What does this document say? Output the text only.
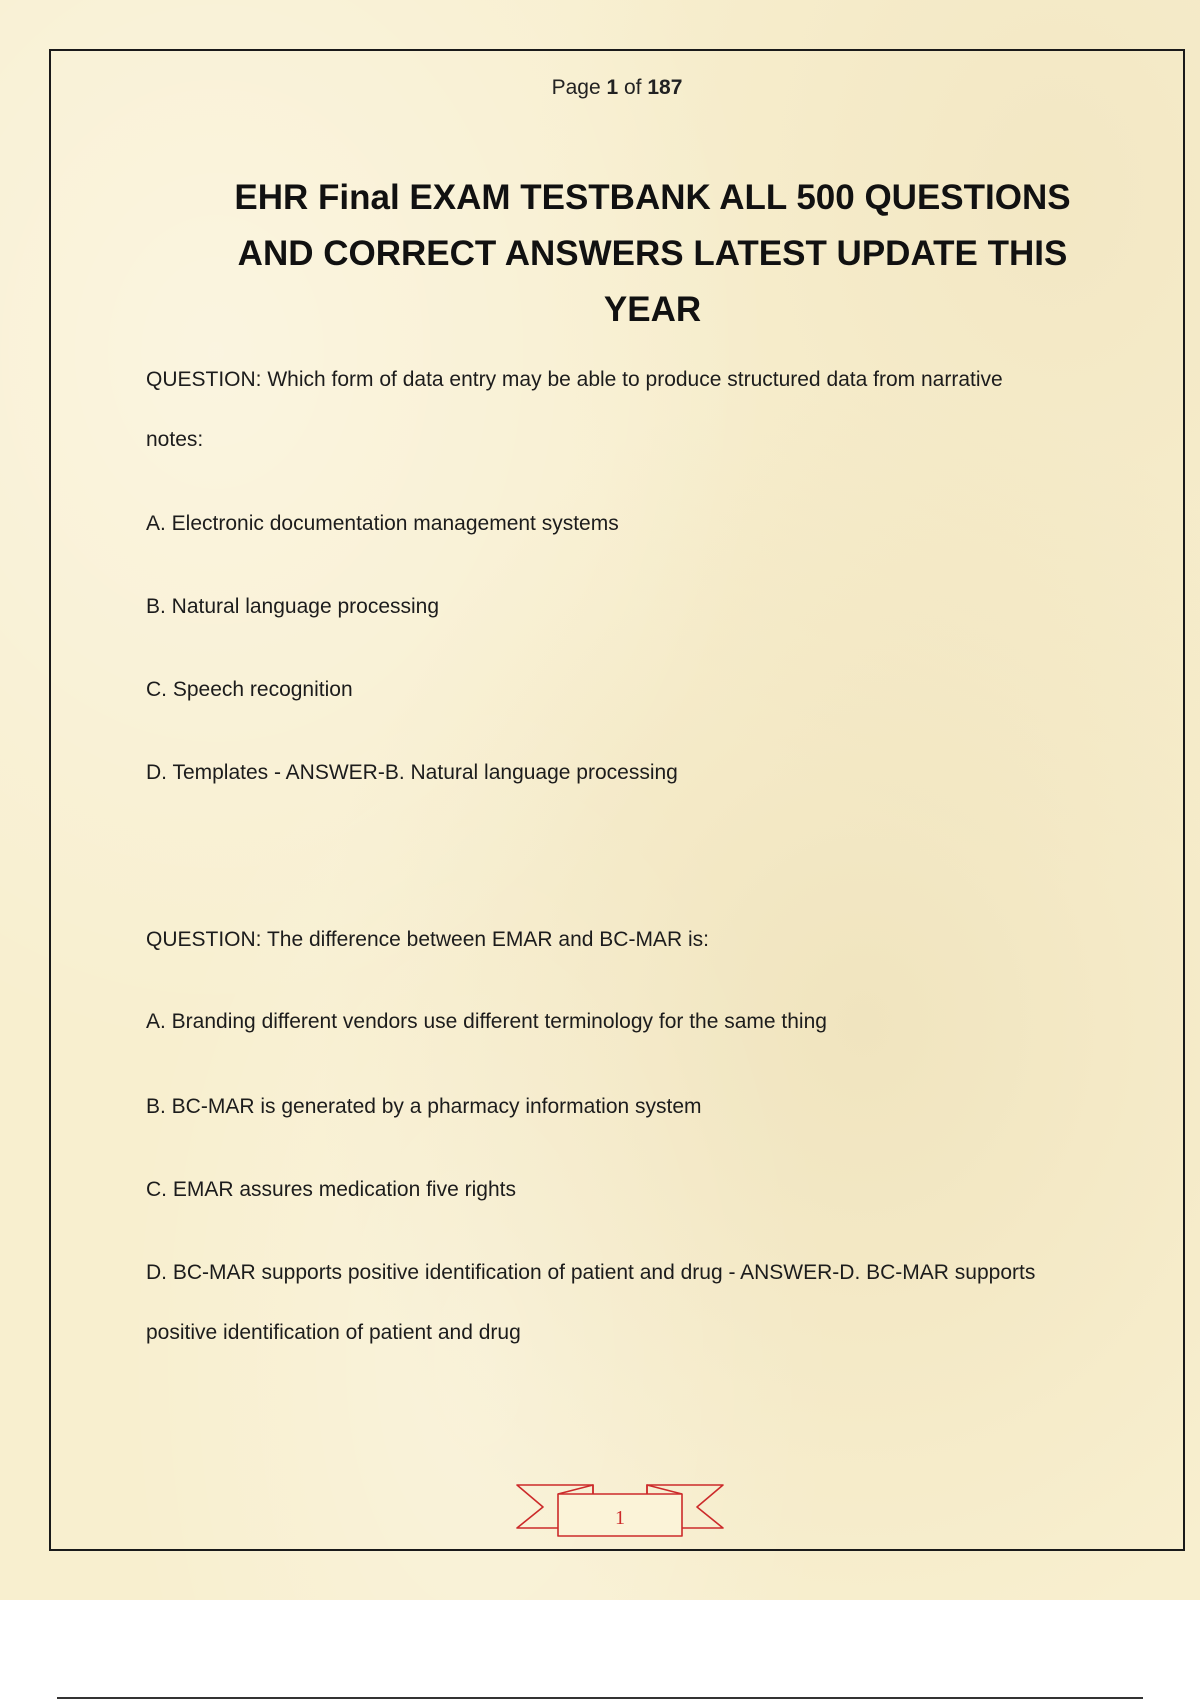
Page 1 of 187
EHR Final EXAM TESTBANK ALL 500 QUESTIONS
AND CORRECT ANSWERS LATEST UPDATE THIS
YEAR

QUESTION: Which form of data entry may be able to produce structured data from narrative

notes:

A. Electronic documentation management systems

B. Natural language processing

C. Speech recognition

D. Templates - ANSWER-B. Natural language processing

QUESTION: The difference between EMAR and BC-MAR is:

A. Branding different vendors use different terminology for the same thing

B. BC-MAR is generated by a pharmacy information system

C. EMAR assures medication five rights

D. BC-MAR supports positive identification of patient and drug - ANSWER-D. BC-MAR supports

positive identification of patient and drug

1
